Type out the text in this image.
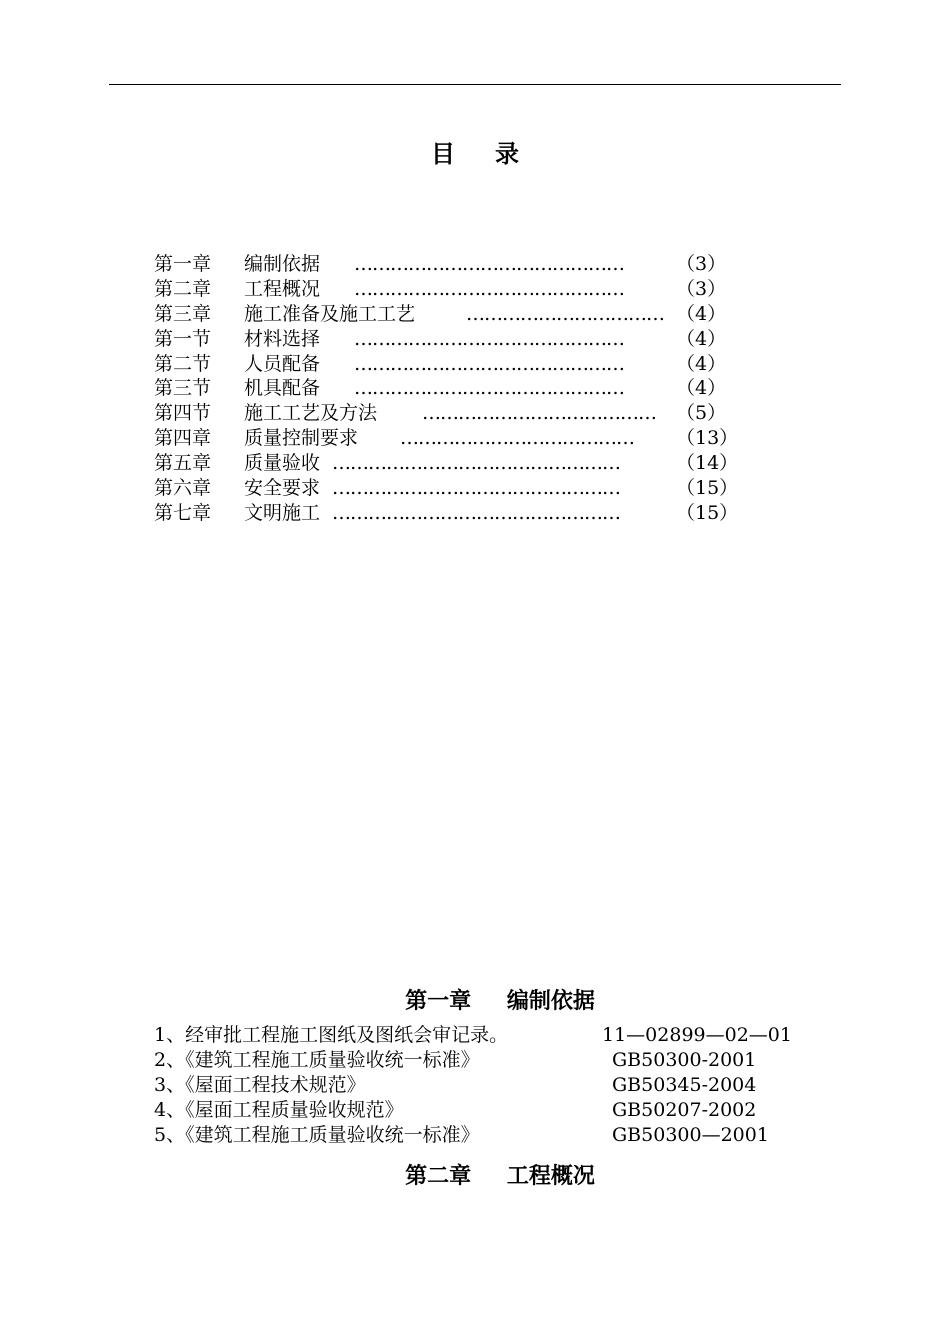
目录
第一章 编制依据 ………………………………………	（3）
第二章 工程概况 ………………………………………	（3）
第三章 施工准备及施工工艺	…………………………… （4）
第一节 材料选择 ………………………………………	（4）
第二节 人员配备 ………………………………………	（4）
第三节 机具配备 ………………………………………	（4）
第四节 施工工艺及方法 …………………………………	（5）
第四章 质量控制要求 …………………………………	（13）
第五章 质量验收 …………………………………………	（14）
第六章 安全要求 …………………………………………	（15）
第七章 文明施工 …………………………………………	（15）
第一章 编制依据
1、经审批工程施工图纸及图纸会审记录。	11—02899—02—01
2、《建筑工程施工质量验收统一标准》	GB50300-2001
3、《屋面工程技术规范》	GB50345-2004
4、《屋面工程质量验收规范》	GB50207-2002
5、《建筑工程施工质量验收统一标准》	GB50300—2001
第二章 工程概况
